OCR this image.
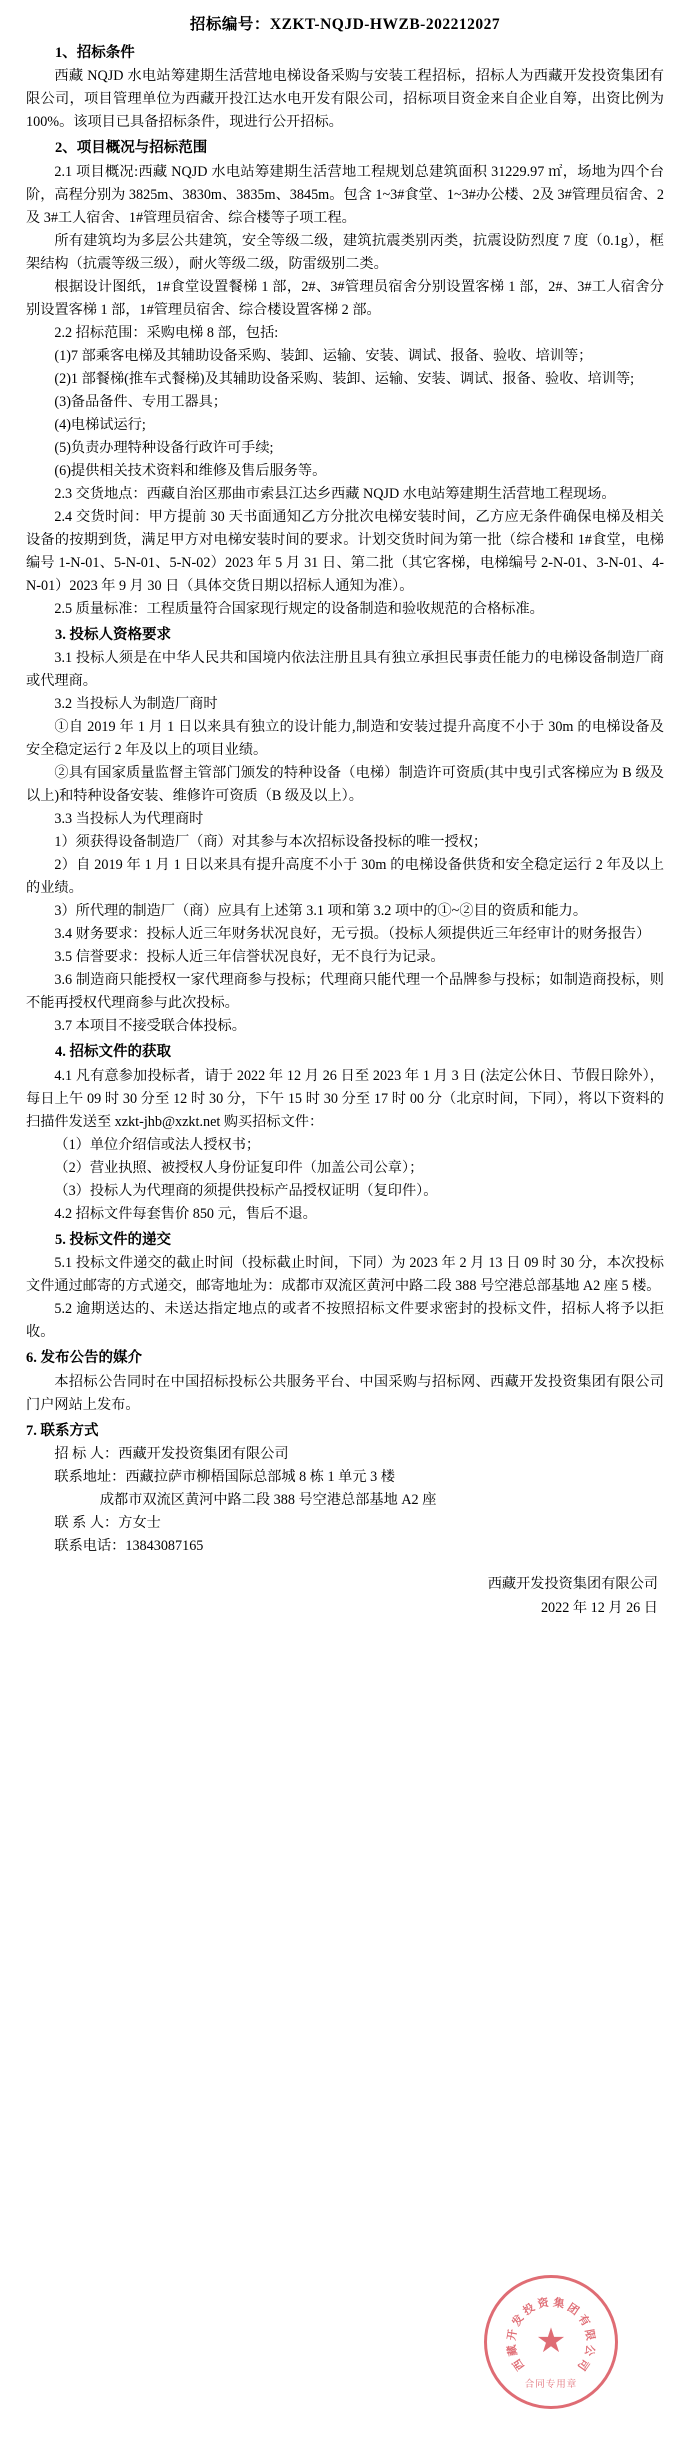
招标编号：XZKT-NQJD-HWZB-202212027
1、招标条件

西藏 NQJD 水电站筹建期生活营地电梯设备采购与安装工程招标，招标人为西藏开发投资集团有限公司，项目管理单位为西藏开投江达水电开发有限公司，招标项目资金来自企业自筹，出资比例为 100%。该项目已具备招标条件，现进行公开招标。

2、项目概况与招标范围

2.1 项目概况:西藏 NQJD 水电站筹建期生活营地工程规划总建筑面积 31229.97 ㎡，场地为四个台阶，高程分别为 3825m、3830m、3835m、3845m。包含 1~3#食堂、1~3#办公楼、2及 3#管理员宿舍、2及 3#工人宿舍、1#管理员宿舍、综合楼等子项工程。

所有建筑均为多层公共建筑，安全等级二级，建筑抗震类别丙类，抗震设防烈度 7 度（0.1g），框架结构（抗震等级三级），耐火等级二级，防雷级别二类。

根据设计图纸，1#食堂设置餐梯 1 部，2#、3#管理员宿舍分别设置客梯 1 部，2#、3#工人宿舍分别设置客梯 1 部，1#管理员宿舍、综合楼设置客梯 2 部。

2.2 招标范围：采购电梯 8 部，包括:

(1)7 部乘客电梯及其辅助设备采购、装卸、运输、安装、调试、报备、验收、培训等；

(2)1 部餐梯(推车式餐梯)及其辅助设备采购、装卸、运输、安装、调试、报备、验收、培训等;

(3)备品备件、专用工器具；

(4)电梯试运行;

(5)负责办理特种设备行政许可手续;

(6)提供相关技术资料和维修及售后服务等。

2.3 交货地点：西藏自治区那曲市索县江达乡西藏 NQJD 水电站筹建期生活营地工程现场。

2.4 交货时间：甲方提前 30 天书面通知乙方分批次电梯安装时间，乙方应无条件确保电梯及相关设备的按期到货，满足甲方对电梯安装时间的要求。计划交货时间为第一批（综合楼和 1#食堂，电梯编号 1-N-01、5-N-01、5-N-02）2023 年 5 月 31 日、第二批（其它客梯，电梯编号 2-N-01、3-N-01、4-N-01）2023 年 9 月 30 日（具体交货日期以招标人通知为准）。

2.5 质量标准：工程质量符合国家现行规定的设备制造和验收规范的合格标准。

3. 投标人资格要求

3.1 投标人须是在中华人民共和国境内依法注册且具有独立承担民事责任能力的电梯设备制造厂商或代理商。

3.2 当投标人为制造厂商时

①自 2019 年 1 月 1 日以来具有独立的设计能力,制造和安装过提升高度不小于 30m 的电梯设备及安全稳定运行 2 年及以上的项目业绩。

②具有国家质量监督主管部门颁发的特种设备（电梯）制造许可资质(其中曳引式客梯应为 B 级及以上)和特种设备安装、维修许可资质（B 级及以上）。

3.3 当投标人为代理商时

1）须获得设备制造厂（商）对其参与本次招标设备投标的唯一授权；

2）自 2019 年 1 月 1 日以来具有提升高度不小于 30m 的电梯设备供货和安全稳定运行 2 年及以上的业绩。

3）所代理的制造厂（商）应具有上述第 3.1 项和第 3.2 项中的①~②目的资质和能力。

3.4 财务要求：投标人近三年财务状况良好，无亏损。（投标人须提供近三年经审计的财务报告）

3.5 信誉要求：投标人近三年信誉状况良好，无不良行为记录。

3.6 制造商只能授权一家代理商参与投标；代理商只能代理一个品牌参与投标；如制造商投标，则不能再授权代理商参与此次投标。

3.7 本项目不接受联合体投标。

4. 招标文件的获取

4.1 凡有意参加投标者，请于 2022 年 12 月 26 日至 2023 年 1 月 3 日 (法定公休日、节假日除外），每日上午 09 时 30 分至 12 时 30 分，下午 15 时 30 分至 17 时 00 分（北京时间，下同），将以下资料的扫描件发送至 xzkt-jhb@xzkt.net 购买招标文件：

（1）单位介绍信或法人授权书；

（2）营业执照、被授权人身份证复印件（加盖公司公章）；

（3）投标人为代理商的须提供投标产品授权证明（复印件）。

4.2 招标文件每套售价 850 元，售后不退。

5. 投标文件的递交

5.1 投标文件递交的截止时间（投标截止时间，下同）为 2023 年 2 月 13 日 09 时 30 分，本次投标文件通过邮寄的方式递交，邮寄地址为：成都市双流区黄河中路二段 388 号空港总部基地 A2 座 5 楼。

5.2 逾期送达的、未送达指定地点的或者不按照招标文件要求密封的投标文件，招标人将予以拒收。

6. 发布公告的媒介

本招标公告同时在中国招标投标公共服务平台、中国采购与招标网、西藏开发投资集团有限公司门户网站上发布。

7. 联系方式
招 标 人：西藏开发投资集团有限公司
联系地址：西藏拉萨市柳梧国际总部城 8 栋 1 单元 3 楼
成都市双流区黄河中路二段 388 号空港总部基地 A2 座
联 系 人：方女士
联系电话：13843087165
西藏开发投资集团有限公司
2022 年 12 月 26 日
西
藏
开
发
投 资 集 团
有
限
公
司
★
合同专用章
